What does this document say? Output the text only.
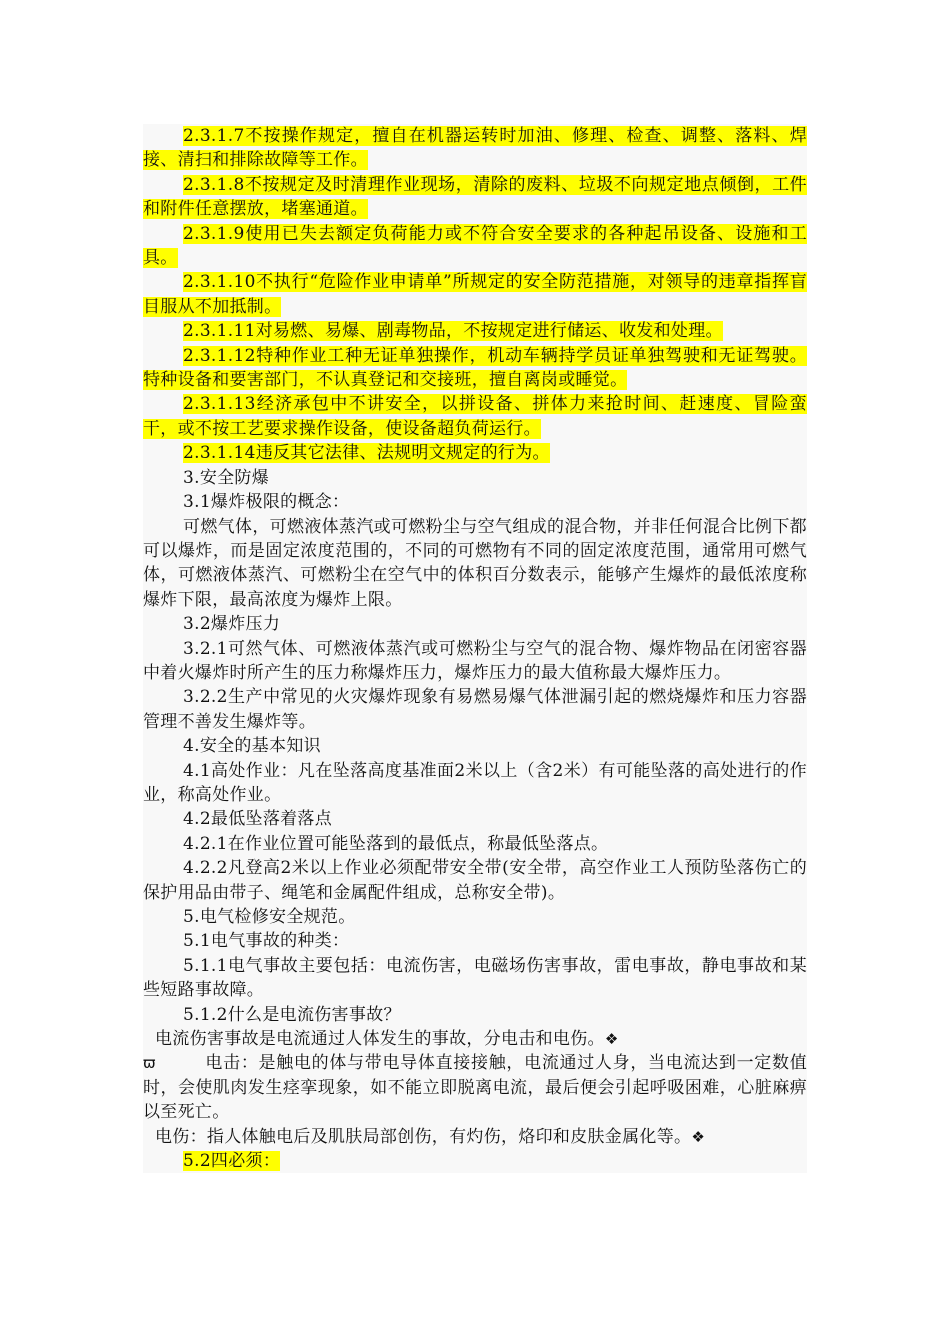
2.3.1.7不按操作规定，擅自在机器运转时加油、修理、检查、调整、落料、焊接、清扫和排除故障等工作。

2.3.1.8不按规定及时清理作业现场，清除的废料、垃圾不向规定地点倾倒，工件和附件任意摆放，堵塞通道。

2.3.1.9使用已失去额定负荷能力或不符合安全要求的各种起吊设备、设施和工具。

2.3.1.10不执行“危险作业申请单”所规定的安全防范措施，对领导的违章指挥盲目服从不加抵制。

2.3.1.11对易燃、易爆、剧毒物品，不按规定进行储运、收发和处理。

2.3.1.12特种作业工种无证单独操作，机动车辆持学员证单独驾驶和无证驾驶。特种设备和要害部门，不认真登记和交接班，擅自离岗或睡觉。

2.3.1.13经济承包中不讲安全，以拼设备、拼体力来抢时间、赶速度、冒险蛮干，或不按工艺要求操作设备，使设备超负荷运行。

2.3.1.14违反其它法律、法规明文规定的行为。

3.安全防爆

3.1爆炸极限的概念：

可燃气体，可燃液体蒸汽或可燃粉尘与空气组成的混合物，并非任何混合比例下都可以爆炸，而是固定浓度范围的，不同的可燃物有不同的固定浓度范围，通常用可燃气体，可燃液体蒸汽、可燃粉尘在空气中的体积百分数表示，能够产生爆炸的最低浓度称爆炸下限，最高浓度为爆炸上限。

3.2爆炸压力

3.2.1可然气体、可燃液体蒸汽或可燃粉尘与空气的混合物、爆炸物品在闭密容器中着火爆炸时所产生的压力称爆炸压力，爆炸压力的最大值称最大爆炸压力。

3.2.2生产中常见的火灾爆炸现象有易燃易爆气体泄漏引起的燃烧爆炸和压力容器管理不善发生爆炸等。

4.安全的基本知识

4.1高处作业：凡在坠落高度基准面2米以上（含2米）有可能坠落的高处进行的作业，称高处作业。

4.2最低坠落着落点

4.2.1在作业位置可能坠落到的最低点，称最低坠落点。

4.2.2凡登高2米以上作业必须配带安全带(安全带，高空作业工人预防坠落伤亡的保护用品由带子、绳笔和金属配件组成，总称安全带)。

5.电气检修安全规范。

5.1电气事故的种类：

5.1.1电气事故主要包括：电流伤害，电磁场伤害事故，雷电事故，静电事故和某些短路事故障。

5.1.2什么是电流伤害事故？

电流伤害事故是电流通过人体发生的事故，分电击和电伤。❖

ϖ	电击：是触电的体与带电导体直接接触，电流通过人身，当电流达到一定数值时，会使肌肉发生痉挛现象，如不能立即脱离电流，最后便会引起呼吸困难，心脏麻痹以至死亡。

电伤：指人体触电后及肌肤局部创伤，有灼伤，烙印和皮肤金属化等。❖

5.2四必须：
